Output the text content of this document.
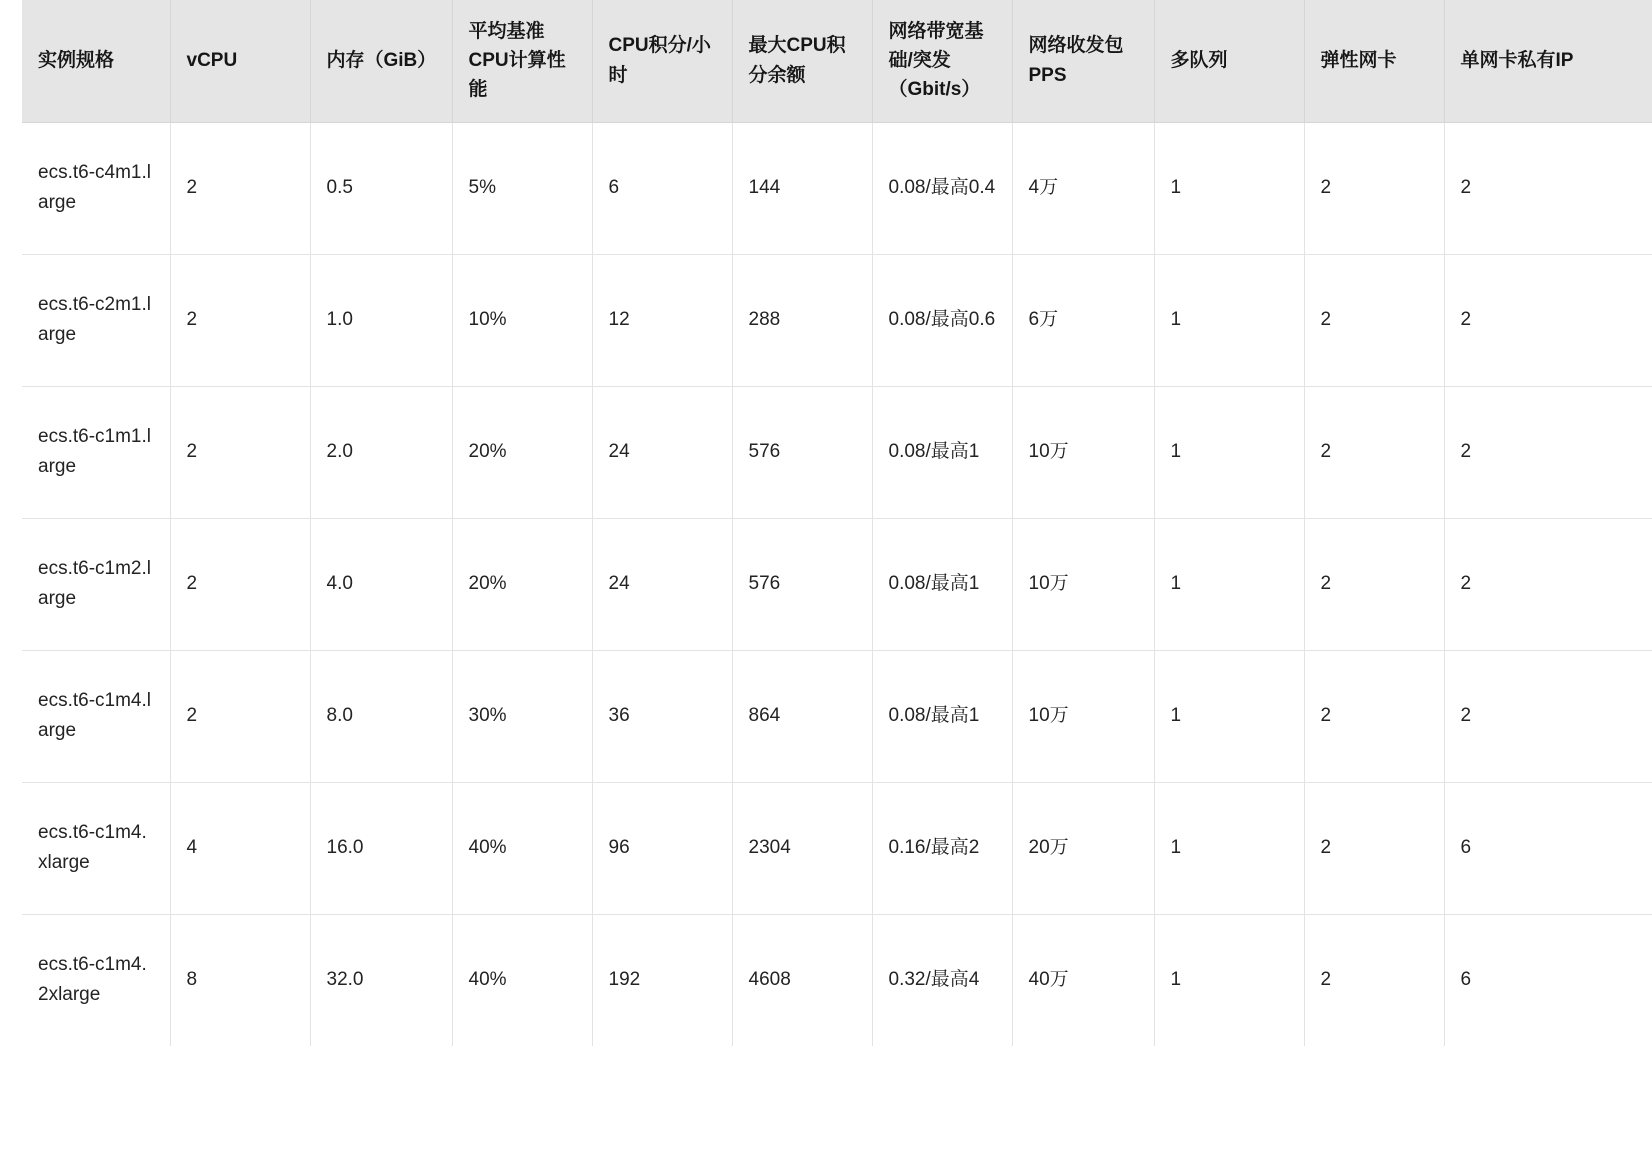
实例规格	vCPU	内存（GiB）	平均基准CPU计算性能	CPU积分/小时	最大CPU积分余额	网络带宽基础/突发（Gbit/s）	网络收发包PPS	多队列	弹性网卡	单网卡私有IP
ecs.t6-c4m1.large	2	0.5	5%	6	144	0.08/最高0.4	4万	1	2	2
ecs.t6-c2m1.large	2	1.0	10%	12	288	0.08/最高0.6	6万	1	2	2
ecs.t6-c1m1.large	2	2.0	20%	24	576	0.08/最高1	10万	1	2	2
ecs.t6-c1m2.large	2	4.0	20%	24	576	0.08/最高1	10万	1	2	2
ecs.t6-c1m4.large	2	8.0	30%	36	864	0.08/最高1	10万	1	2	2
ecs.t6-c1m4.xlarge	4	16.0	40%	96	2304	0.16/最高2	20万	1	2	6
ecs.t6-c1m4.2xlarge	8	32.0	40%	192	4608	0.32/最高4	40万	1	2	6
